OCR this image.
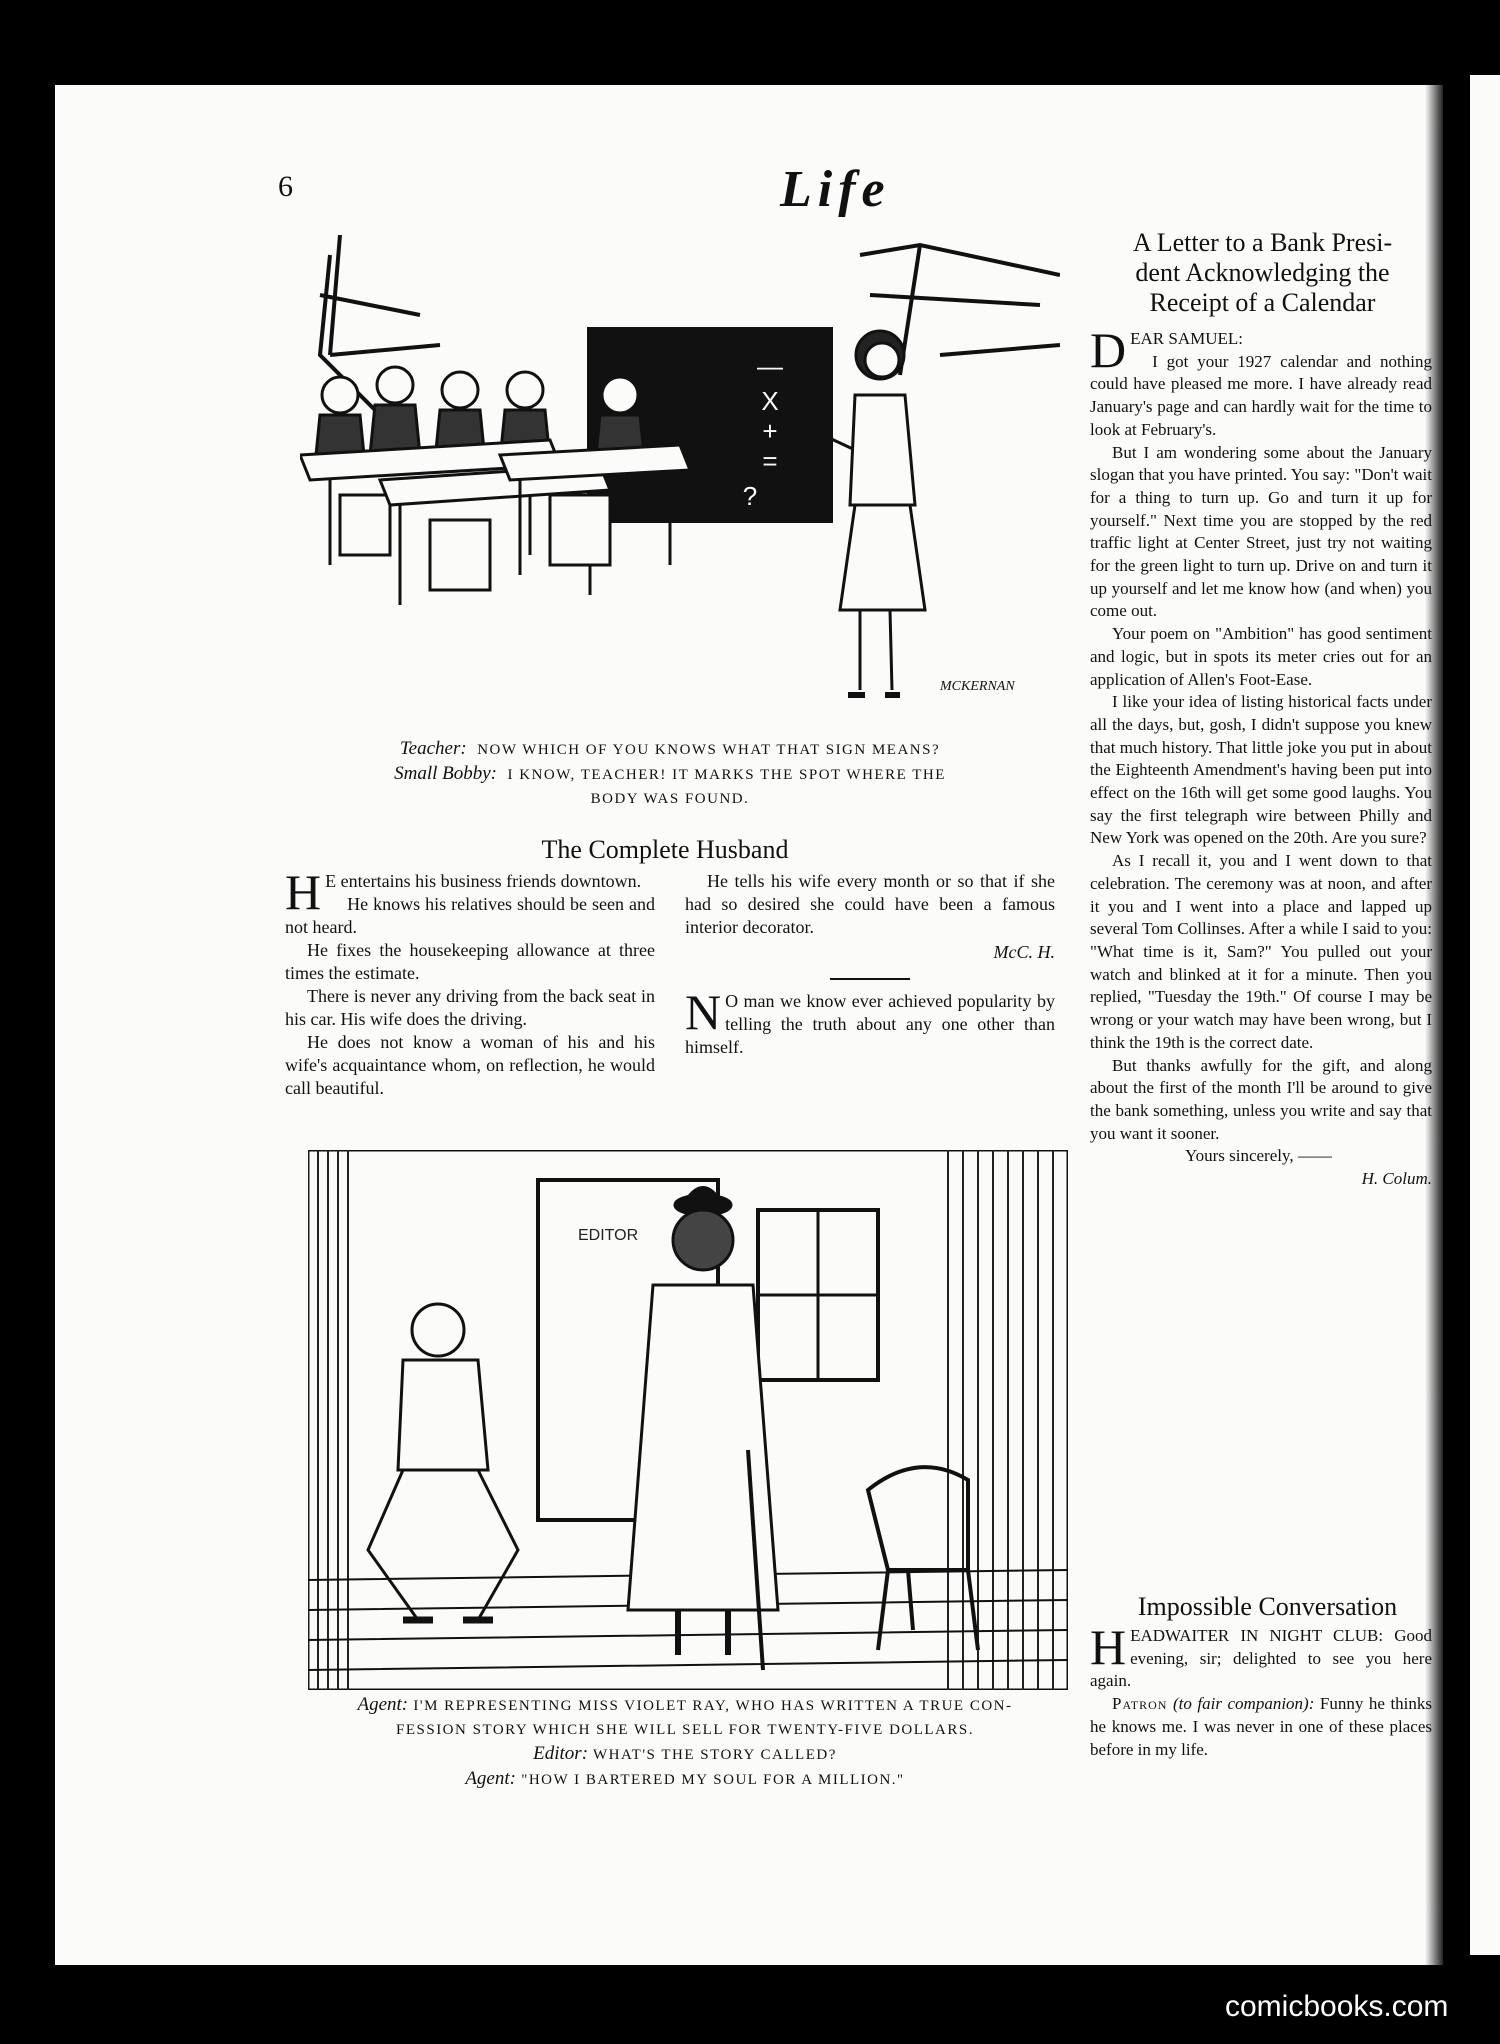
6	Life
—
X
+
=
?
MCKERNAN
Teacher: NOW WHICH OF YOU KNOWS WHAT THAT SIGN MEANS?
Small Bobby: I KNOW, TEACHER! IT MARKS THE SPOT WHERE THE
BODY WAS FOUND.
The Complete Husband

H E entertains his business friends downtown.

He knows his relatives should be seen and not heard.

He fixes the housekeeping allowance at three times the estimate.

There is never any driving from the back seat in his car. His wife does the driving.

He does not know a woman of his and his wife's acquaintance whom, on reflection, he would call beautiful.

He tells his wife every month or so that if she had so desired she could have been a famous interior decorator.

McC. H.

N O man we know ever achieved popularity by telling the truth about any one other than himself.

EDITOR
Agent: I'M REPRESENTING MISS VIOLET RAY, WHO HAS WRITTEN A TRUE CON-
FESSION STORY WHICH SHE WILL SELL FOR TWENTY-FIVE DOLLARS.
Editor: WHAT'S THE STORY CALLED?
Agent: "HOW I BARTERED MY SOUL FOR A MILLION."
A Letter to a Bank Presi-
dent Acknowledging the
Receipt of a Calendar

DEAR SAMUEL:

I got your 1927 calendar and nothing could have pleased me more. I have already read January's page and can hardly wait for the time to look at February's.

But I am wondering some about the January slogan that you have printed. You say: "Don't wait for a thing to turn up. Go and turn it up for yourself." Next time you are stopped by the red traffic light at Center Street, just try not waiting for the green light to turn up. Drive on and turn it up yourself and let me know how (and when) you come out.

Your poem on "Ambition" has good sentiment and logic, but in spots its meter cries out for an application of Allen's Foot-Ease.

I like your idea of listing historical facts under all the days, but, gosh, I didn't suppose you knew that much history. That little joke you put in about the Eighteenth Amendment's having been put into effect on the 16th will get some good laughs. You say the first telegraph wire between Philly and New York was opened on the 20th. Are you sure?

As I recall it, you and I went down to that celebration. The ceremony was at noon, and after it you and I went into a place and lapped up several Tom Collinses. After a while I said to you: "What time is it, Sam?" You pulled out your watch and blinked at it for a minute. Then you replied, "Tuesday the 19th." Of course I may be wrong or your watch may have been wrong, but I think the 19th is the correct date.

But thanks awfully for the gift, and along about the first of the month I'll be around to give the bank something, unless you write and say that you want it sooner.

Yours sincerely, ——
H. Colum.
Impossible Conversation

HEADWAITER IN NIGHT CLUB: Good evening, sir; delighted to see you here again.

Patron (to fair companion): Funny he thinks he knows me. I was never in one of these places before in my life.

comicbooks.com
